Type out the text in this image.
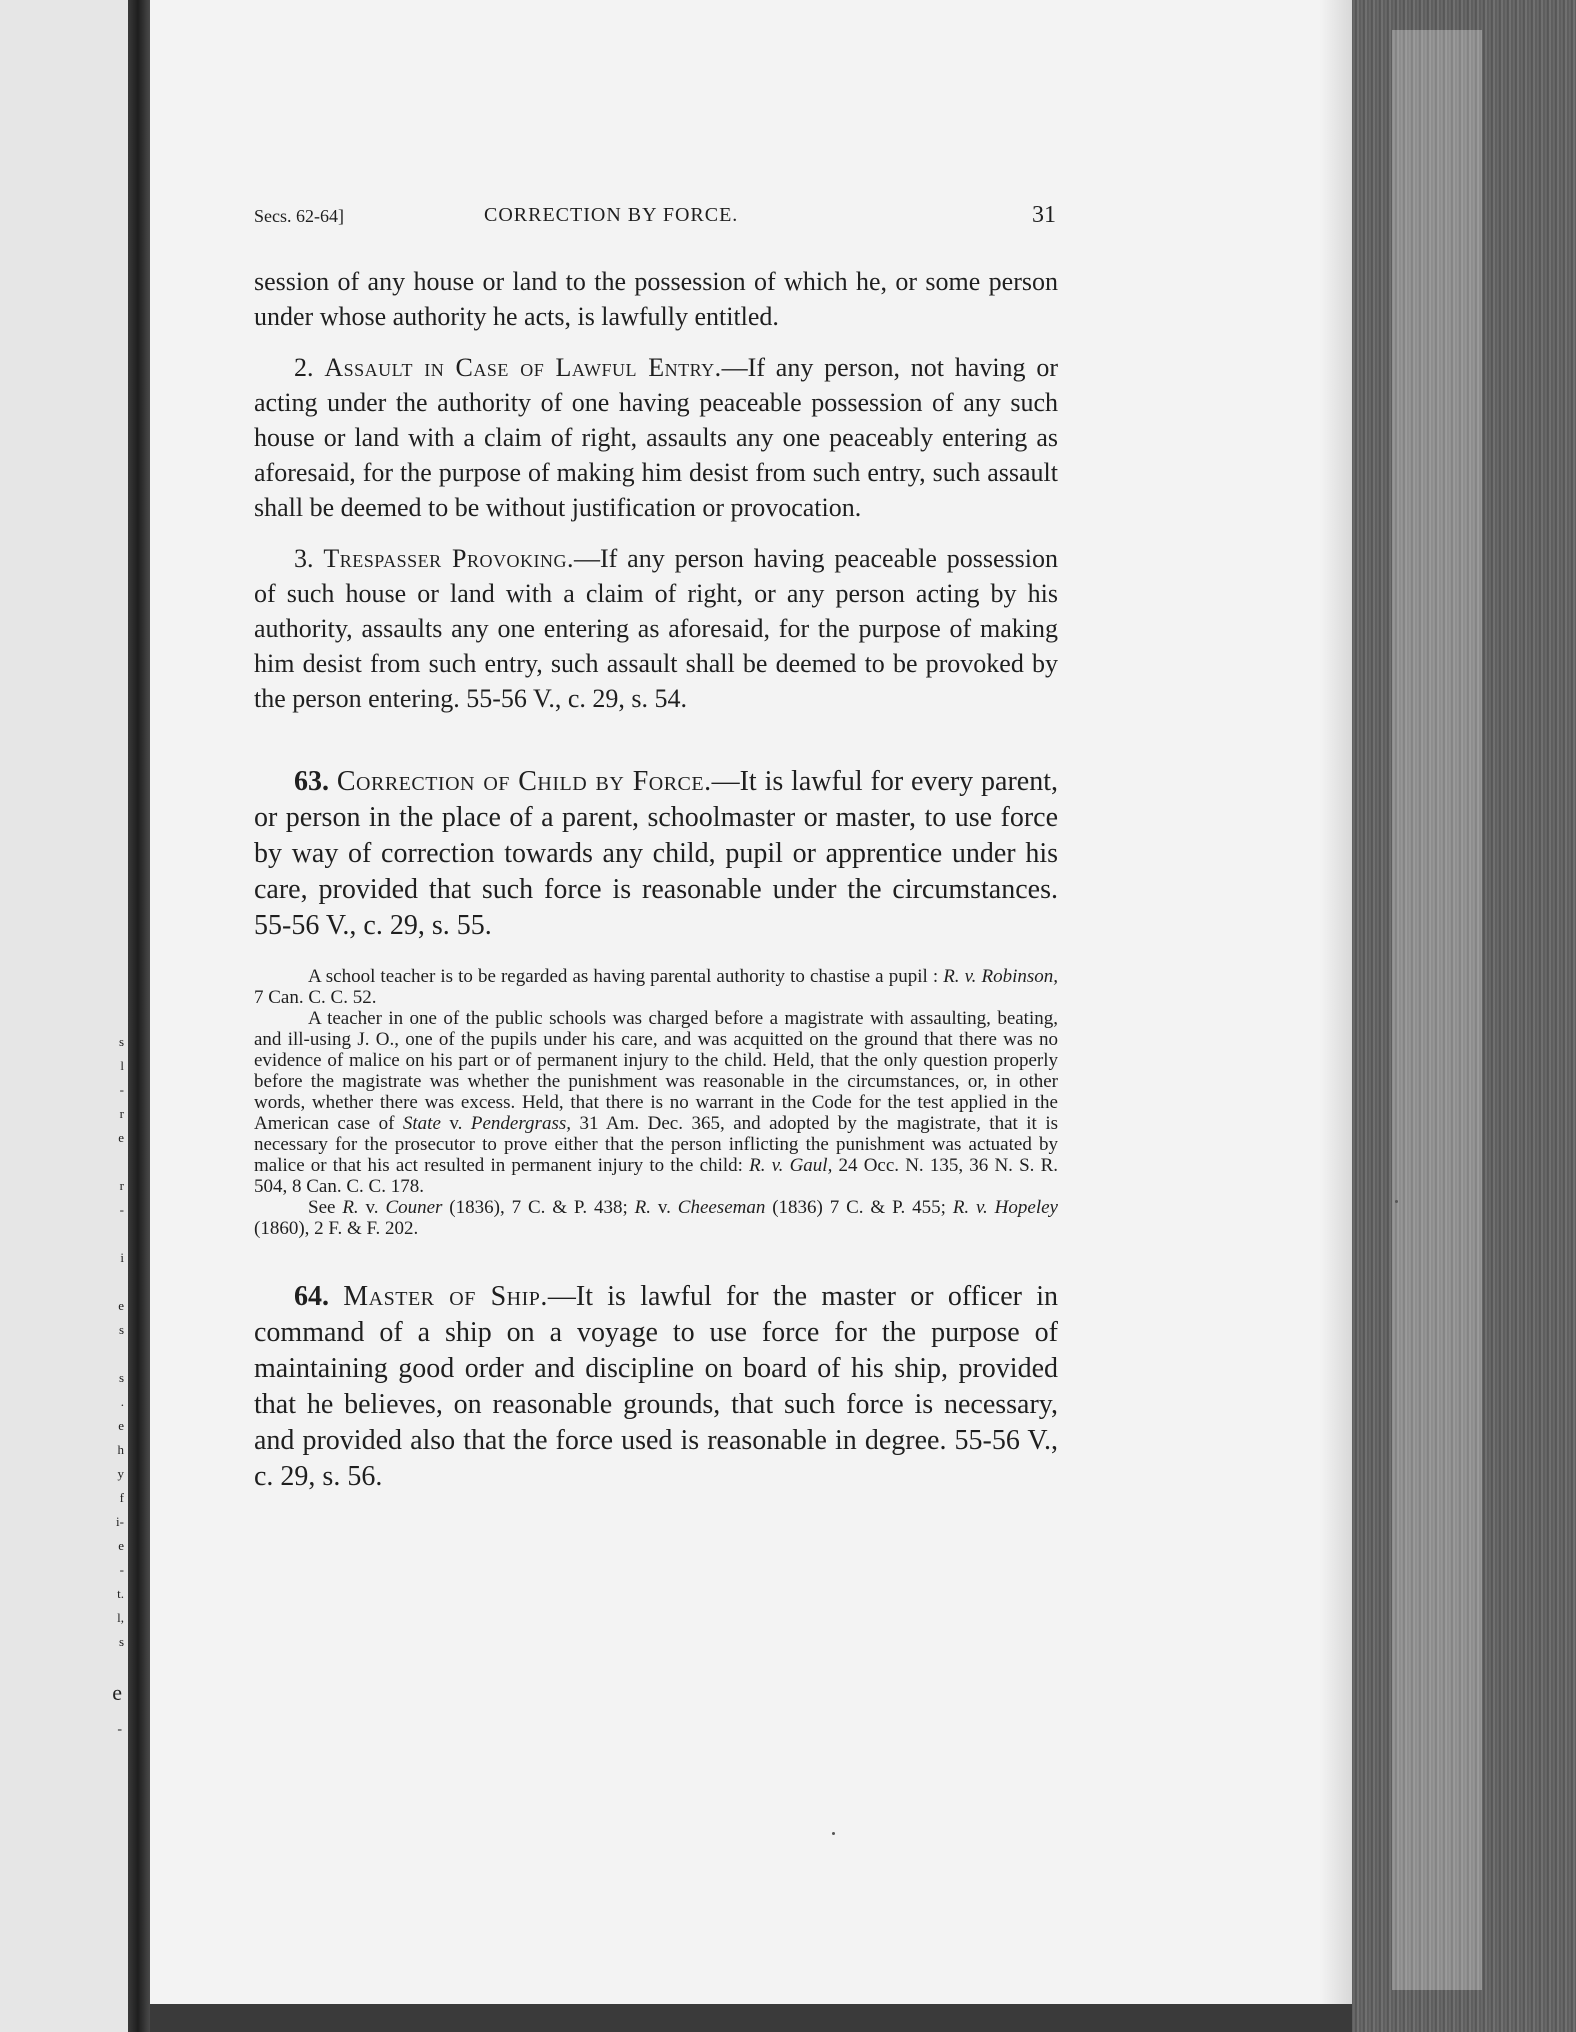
s
l
-
r
e

r
-

i

e
s

s
.
e
h
y
f
i-
e
-
t.
l,
s
e
-
Secs. 62-64]	CORRECTION BY FORCE.	31

session of any house or land to the possession of which he, or some person under whose authority he acts, is lawfully entitled.

2. Assault in Case of Lawful Entry.—If any person, not having or acting under the authority of one having peaceable possession of any such house or land with a claim of right, assaults any one peaceably entering as aforesaid, for the purpose of making him desist from such entry, such assault shall be deemed to be without justification or provocation.

3. Trespasser Provoking.—If any person having peaceable possession of such house or land with a claim of right, or any person acting by his authority, assaults any one entering as aforesaid, for the purpose of making him desist from such entry, such assault shall be deemed to be provoked by the person entering. 55-56 V., c. 29, s. 54.

63. Correction of Child by Force.—It is lawful for every parent, or person in the place of a parent, schoolmaster or master, to use force by way of correction towards any child, pupil or apprentice under his care, provided that such force is reasonable under the circumstances. 55-56 V., c. 29, s. 55.

A school teacher is to be regarded as having parental authority to chastise a pupil : R. v. Robinson, 7 Can. C. C. 52.

A teacher in one of the public schools was charged before a magistrate with assaulting, beating, and ill-using J. O., one of the pupils under his care, and was acquitted on the ground that there was no evidence of malice on his part or of permanent injury to the child. Held, that the only question properly before the magistrate was whether the punishment was reasonable in the circumstances, or, in other words, whether there was excess. Held, that there is no warrant in the Code for the test applied in the American case of State v. Pendergrass, 31 Am. Dec. 365, and adopted by the magistrate, that it is necessary for the prosecutor to prove either that the person inflicting the punishment was actuated by malice or that his act resulted in permanent injury to the child: R. v. Gaul, 24 Occ. N. 135, 36 N. S. R. 504, 8 Can. C. C. 178.

See R. v. Couner (1836), 7 C. & P. 438; R. v. Cheeseman (1836) 7 C. & P. 455; R. v. Hopeley (1860), 2 F. & F. 202.

64. Master of Ship.—It is lawful for the master or officer in command of a ship on a voyage to use force for the purpose of maintaining good order and discipline on board of his ship, provided that he believes, on reasonable grounds, that such force is necessary, and provided also that the force used is reasonable in degree. 55-56 V., c. 29, s. 56.
